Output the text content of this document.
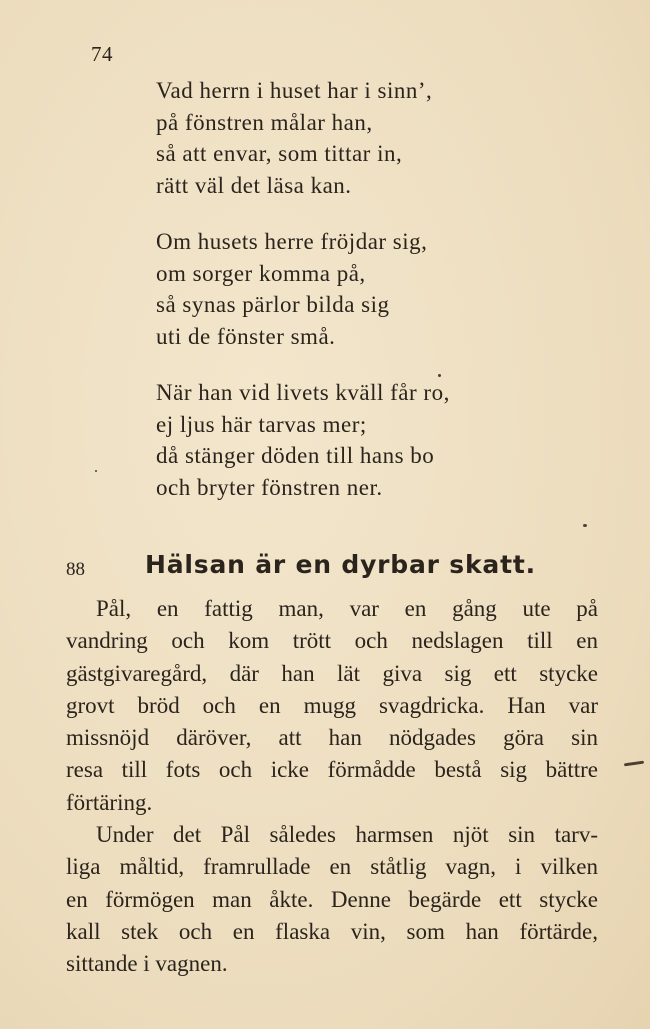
74
Vad herrn i huset har i sinn’,
på fönstren målar han,
så att envar, som tittar in,
rätt väl det läsa kan.
Om husets herre fröjdar sig,
om sorger komma på,
så synas pärlor bilda sig
uti de fönster små.
När han vid livets kväll får ro,
ej ljus här tarvas mer;
då stänger döden till hans bo
och bryter fönstren ner.
88 Hälsan är en dyrbar skatt.
Pål, en fattig man, var en gång ute på
vandring och kom trött och nedslagen till en
gästgivaregård, där han lät giva sig ett stycke
grovt bröd och en mugg svagdricka. Han var
missnöjd däröver, att han nödgades göra sin
resa till fots och icke förmådde bestå sig bättre
förtäring.
Under det Pål således harmsen njöt sin tarv-
liga måltid, framrullade en ståtlig vagn, i vilken
en förmögen man åkte. Denne begärde ett stycke
kall stek och en flaska vin, som han förtärde,
sittande i vagnen.
